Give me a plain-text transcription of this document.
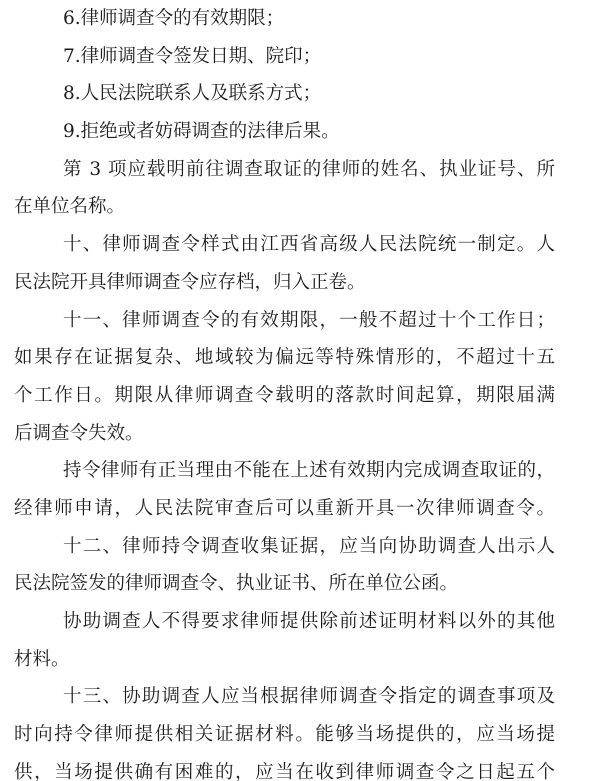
6.律师调查令的有效期限；
7.律师调查令签发日期、院印；
8.人民法院联系人及联系方式；
9.拒绝或者妨碍调查的法律后果。
第 3 项应载明前往调查取证的律师的姓名、执业证号、所
在单位名称。
十、律师调查令样式由江西省高级人民法院统一制定。人
民法院开具律师调查令应存档，归入正卷。
十一、律师调查令的有效期限，一般不超过十个工作日；
如果存在证据复杂、地域较为偏远等特殊情形的，不超过十五
个工作日。期限从律师调查令载明的落款时间起算，期限届满
后调查令失效。
持令律师有正当理由不能在上述有效期内完成调查取证的，
经律师申请，人民法院审查后可以重新开具一次律师调查令。
十二、律师持令调查收集证据，应当向协助调查人出示人
民法院签发的律师调查令、执业证书、所在单位公函。
协助调查人不得要求律师提供除前述证明材料以外的其他
材料。
十三、协助调查人应当根据律师调查令指定的调查事项及
时向持令律师提供相关证据材料。能够当场提供的，应当场提
供，当场提供确有困难的，应当在收到律师调查令之日起五个
